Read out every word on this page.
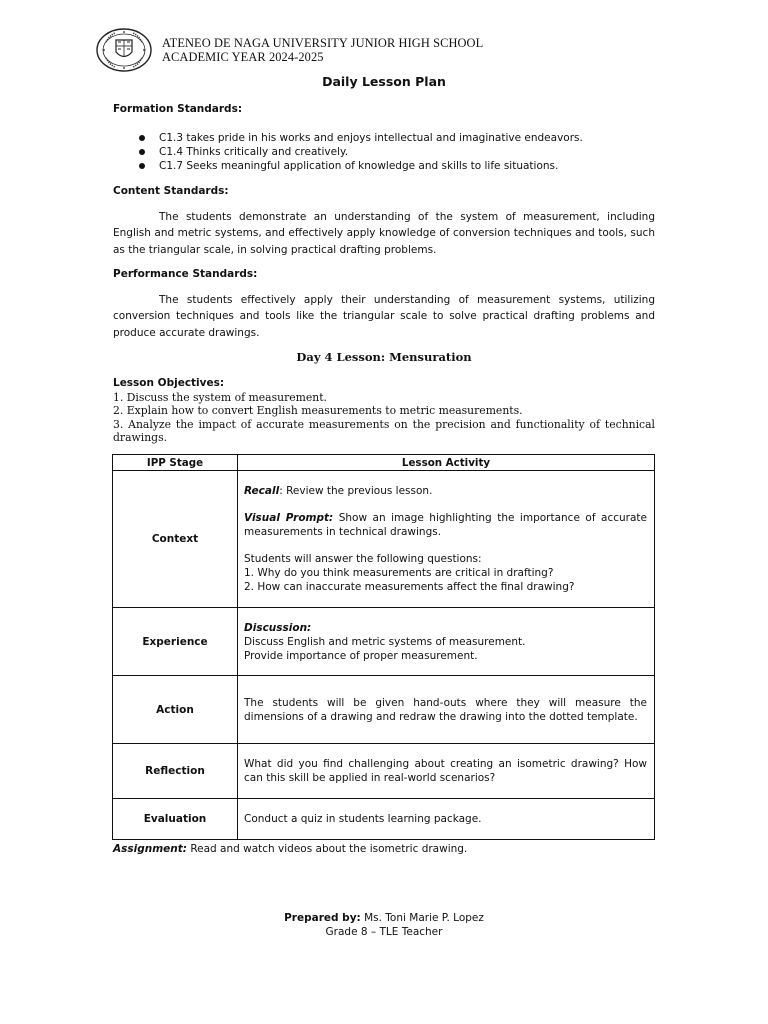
ATENEO DE NAGA UNIVERSITY JUNIOR HIGH SCHOOL
ACADEMIC YEAR 2024-2025
Daily Lesson Plan
Formation Standards:
C1.3 takes pride in his works and enjoys intellectual and imaginative endeavors.
C1.4 Thinks critically and creatively.
C1.7 Seeks meaningful application of knowledge and skills to life situations.
Content Standards:

The students demonstrate an understanding of the system of measurement, including English and metric systems, and effectively apply knowledge of conversion techniques and tools, such as the triangular scale, in solving practical drafting problems.

Performance Standards:

The students effectively apply their understanding of measurement systems, utilizing conversion techniques and tools like the triangular scale to solve practical drafting problems and produce accurate drawings.

Day 4 Lesson: Mensuration
Lesson Objectives:
1. Discuss the system of measurement.
2. Explain how to convert English measurements to metric measurements.
3. Analyze the impact of accurate measurements on the precision and functionality of technical drawings.
IPP Stage	Lesson Activity
Context	Recall: Review the previous lesson.

Visual Prompt: Show an image highlighting the importance of accurate measurements in technical drawings.

Students will answer the following questions:

1. Why do you think measurements are critical in drafting?

2. How can inaccurate measurements affect the final drawing?

Experience	Discussion:

Discuss English and metric systems of measurement.

Provide importance of proper measurement.

Action	The students will be given hand-outs where they will measure the dimensions of a drawing and redraw the drawing into the dotted template.
Reflection	What did you find challenging about creating an isometric drawing? How can this skill be applied in real-world scenarios?
Evaluation	Conduct a quiz in students learning package.
Assignment: Read and watch videos about the isometric drawing.
Prepared by: Ms. Toni Marie P. Lopez
Grade 8 – TLE Teacher
